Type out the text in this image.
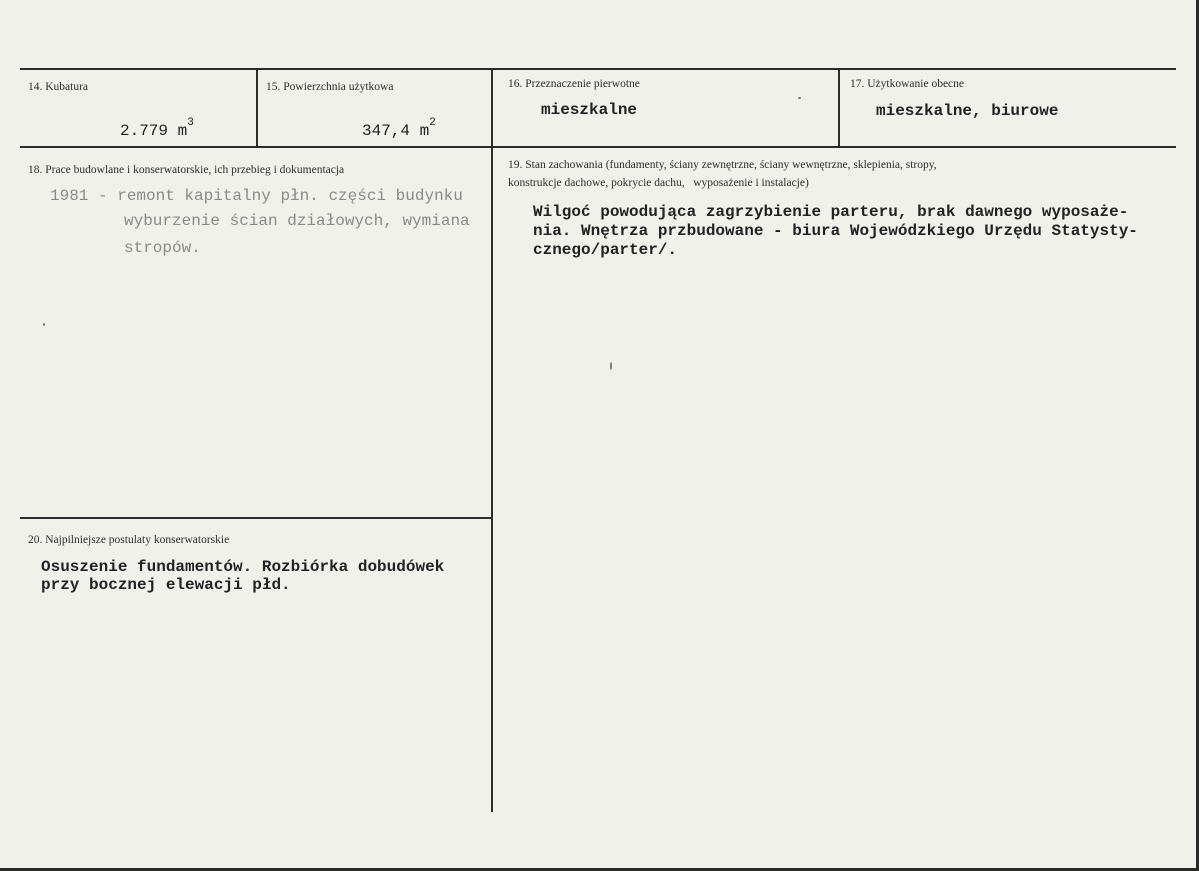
14. Kubatura
2.779 $m^3$
15. Powierzchnia użytkowa
347,4 $m^2$
16. Przeznaczenie pierwotne
mieszkalne
17. Użytkowanie obecne
mieszkalne, biurowe
18. Prace budowlane i konserwatorskie, ich przebieg i dokumentacja
1981 - remont kapitalny płn. części budynku
wyburzenie ścian działowych, wymiana
stropów.
19. Stan zachowania (fundamenty, ściany zewnętrzne, ściany wewnętrzne, sklepienia, stropy,
konstrukcje dachowe, pokrycie dachu,   wyposażenie i instalacje)
Wilgoć powodująca zagrzybienie parteru, brak dawnego wyposaże-
nia. Wnętrza przbudowane - biura Wojewódzkiego Urzędu Statysty-
cznego/parter/.
20. Najpilniejsze postulaty konserwatorskie
Osuszenie fundamentów. Rozbiórka dobudówek
przy bocznej elewacji płd.
